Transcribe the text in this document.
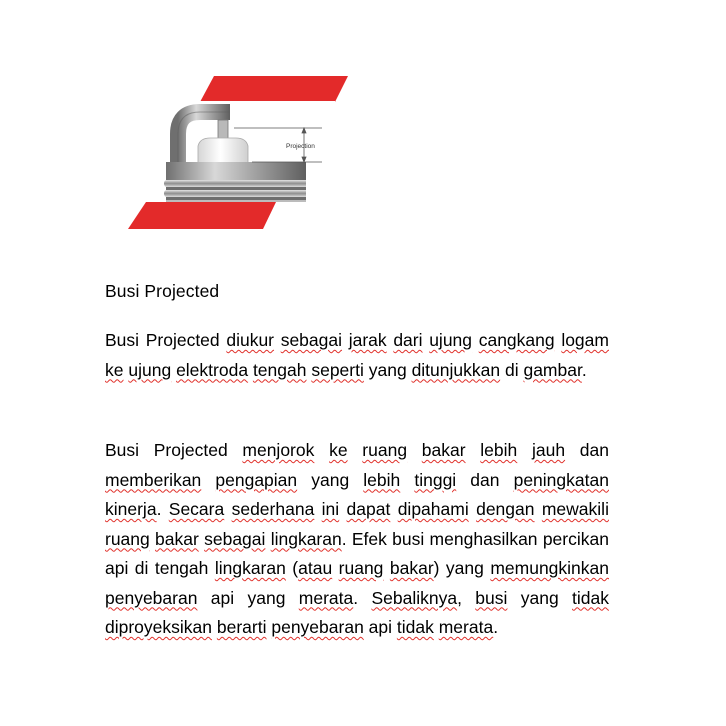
Projection
Busi Projected

Busi Projected diukur sebagai jarak dari ujung cangkang logam ke ujung elektroda tengah seperti yang ditunjukkan di gambar.

Busi Projected menjorok ke ruang bakar lebih jauh dan memberikan pengapian yang lebih tinggi dan peningkatan kinerja. Secara sederhana ini dapat dipahami dengan mewakili ruang bakar sebagai lingkaran. Efek busi menghasilkan percikan api di tengah lingkaran (atau ruang bakar) yang memungkinkan penyebaran api yang merata. Sebaliknya, busi yang tidak diproyeksikan berarti penyebaran api tidak merata.
